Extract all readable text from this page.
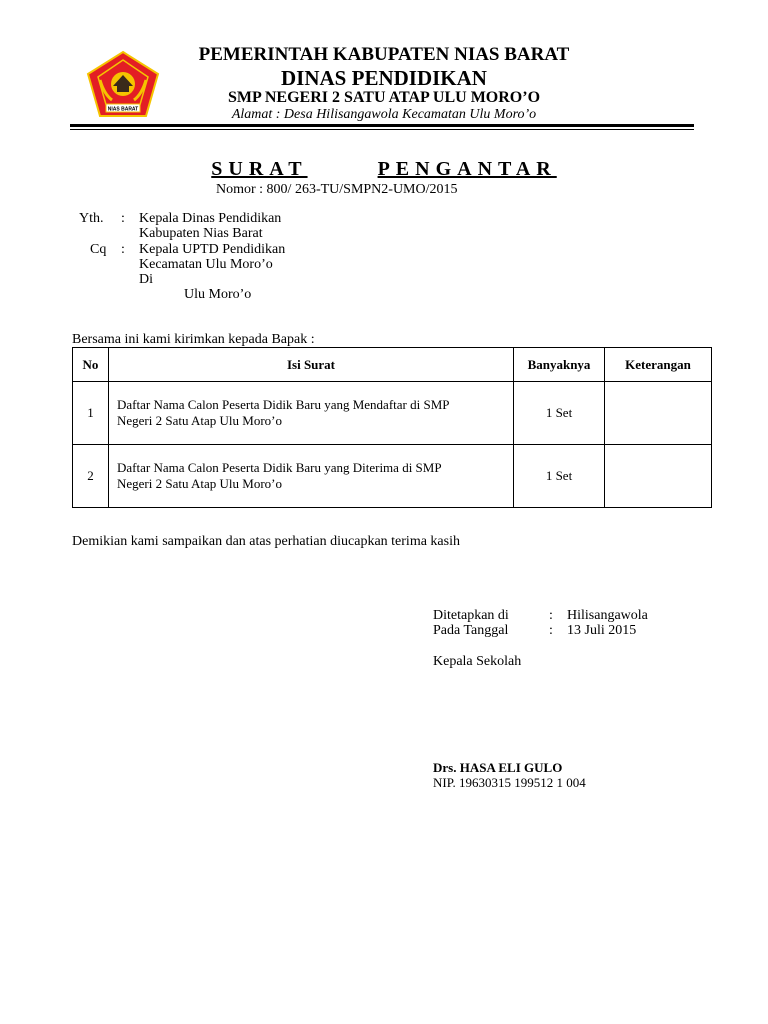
NIAS BARAT
PEMERINTAH KABUPATEN NIAS BARAT
DINAS PENDIDIKAN
SMP NEGERI 2 SATU ATAP ULU MORO’O
Alamat : Desa Hilisangawola Kecamatan Ulu Moro’o
SURAT	PENGANTAR
Nomor : 800/ 263-TU/SMPN2-UMO/2015
Yth. : Kepala Dinas Pendidikan
Kabupaten Nias Barat
Cq : Kepala UPTD Pendidikan
Kecamatan Ulu Moro’o
Di
Ulu Moro’o
Bersama ini kami kirimkan kepada Bapak :
No	Isi Surat	Banyaknya	Keterangan
1	Daftar Nama Calon Peserta Didik Baru yang Mendaftar di SMP
Negeri 2 Satu Atap Ulu Moro’o	1 Set	
2	Daftar Nama Calon Peserta Didik Baru yang Diterima di SMP
Negeri 2 Satu Atap Ulu Moro’o	1 Set	
Demikian kami sampaikan dan atas perhatian diucapkan terima kasih
Ditetapkan di	: Hilisangawola
Pada Tanggal	: 13 Juli 2015
Kepala Sekolah
Drs. HASA ELI GULO
NIP. 19630315 199512 1 004
